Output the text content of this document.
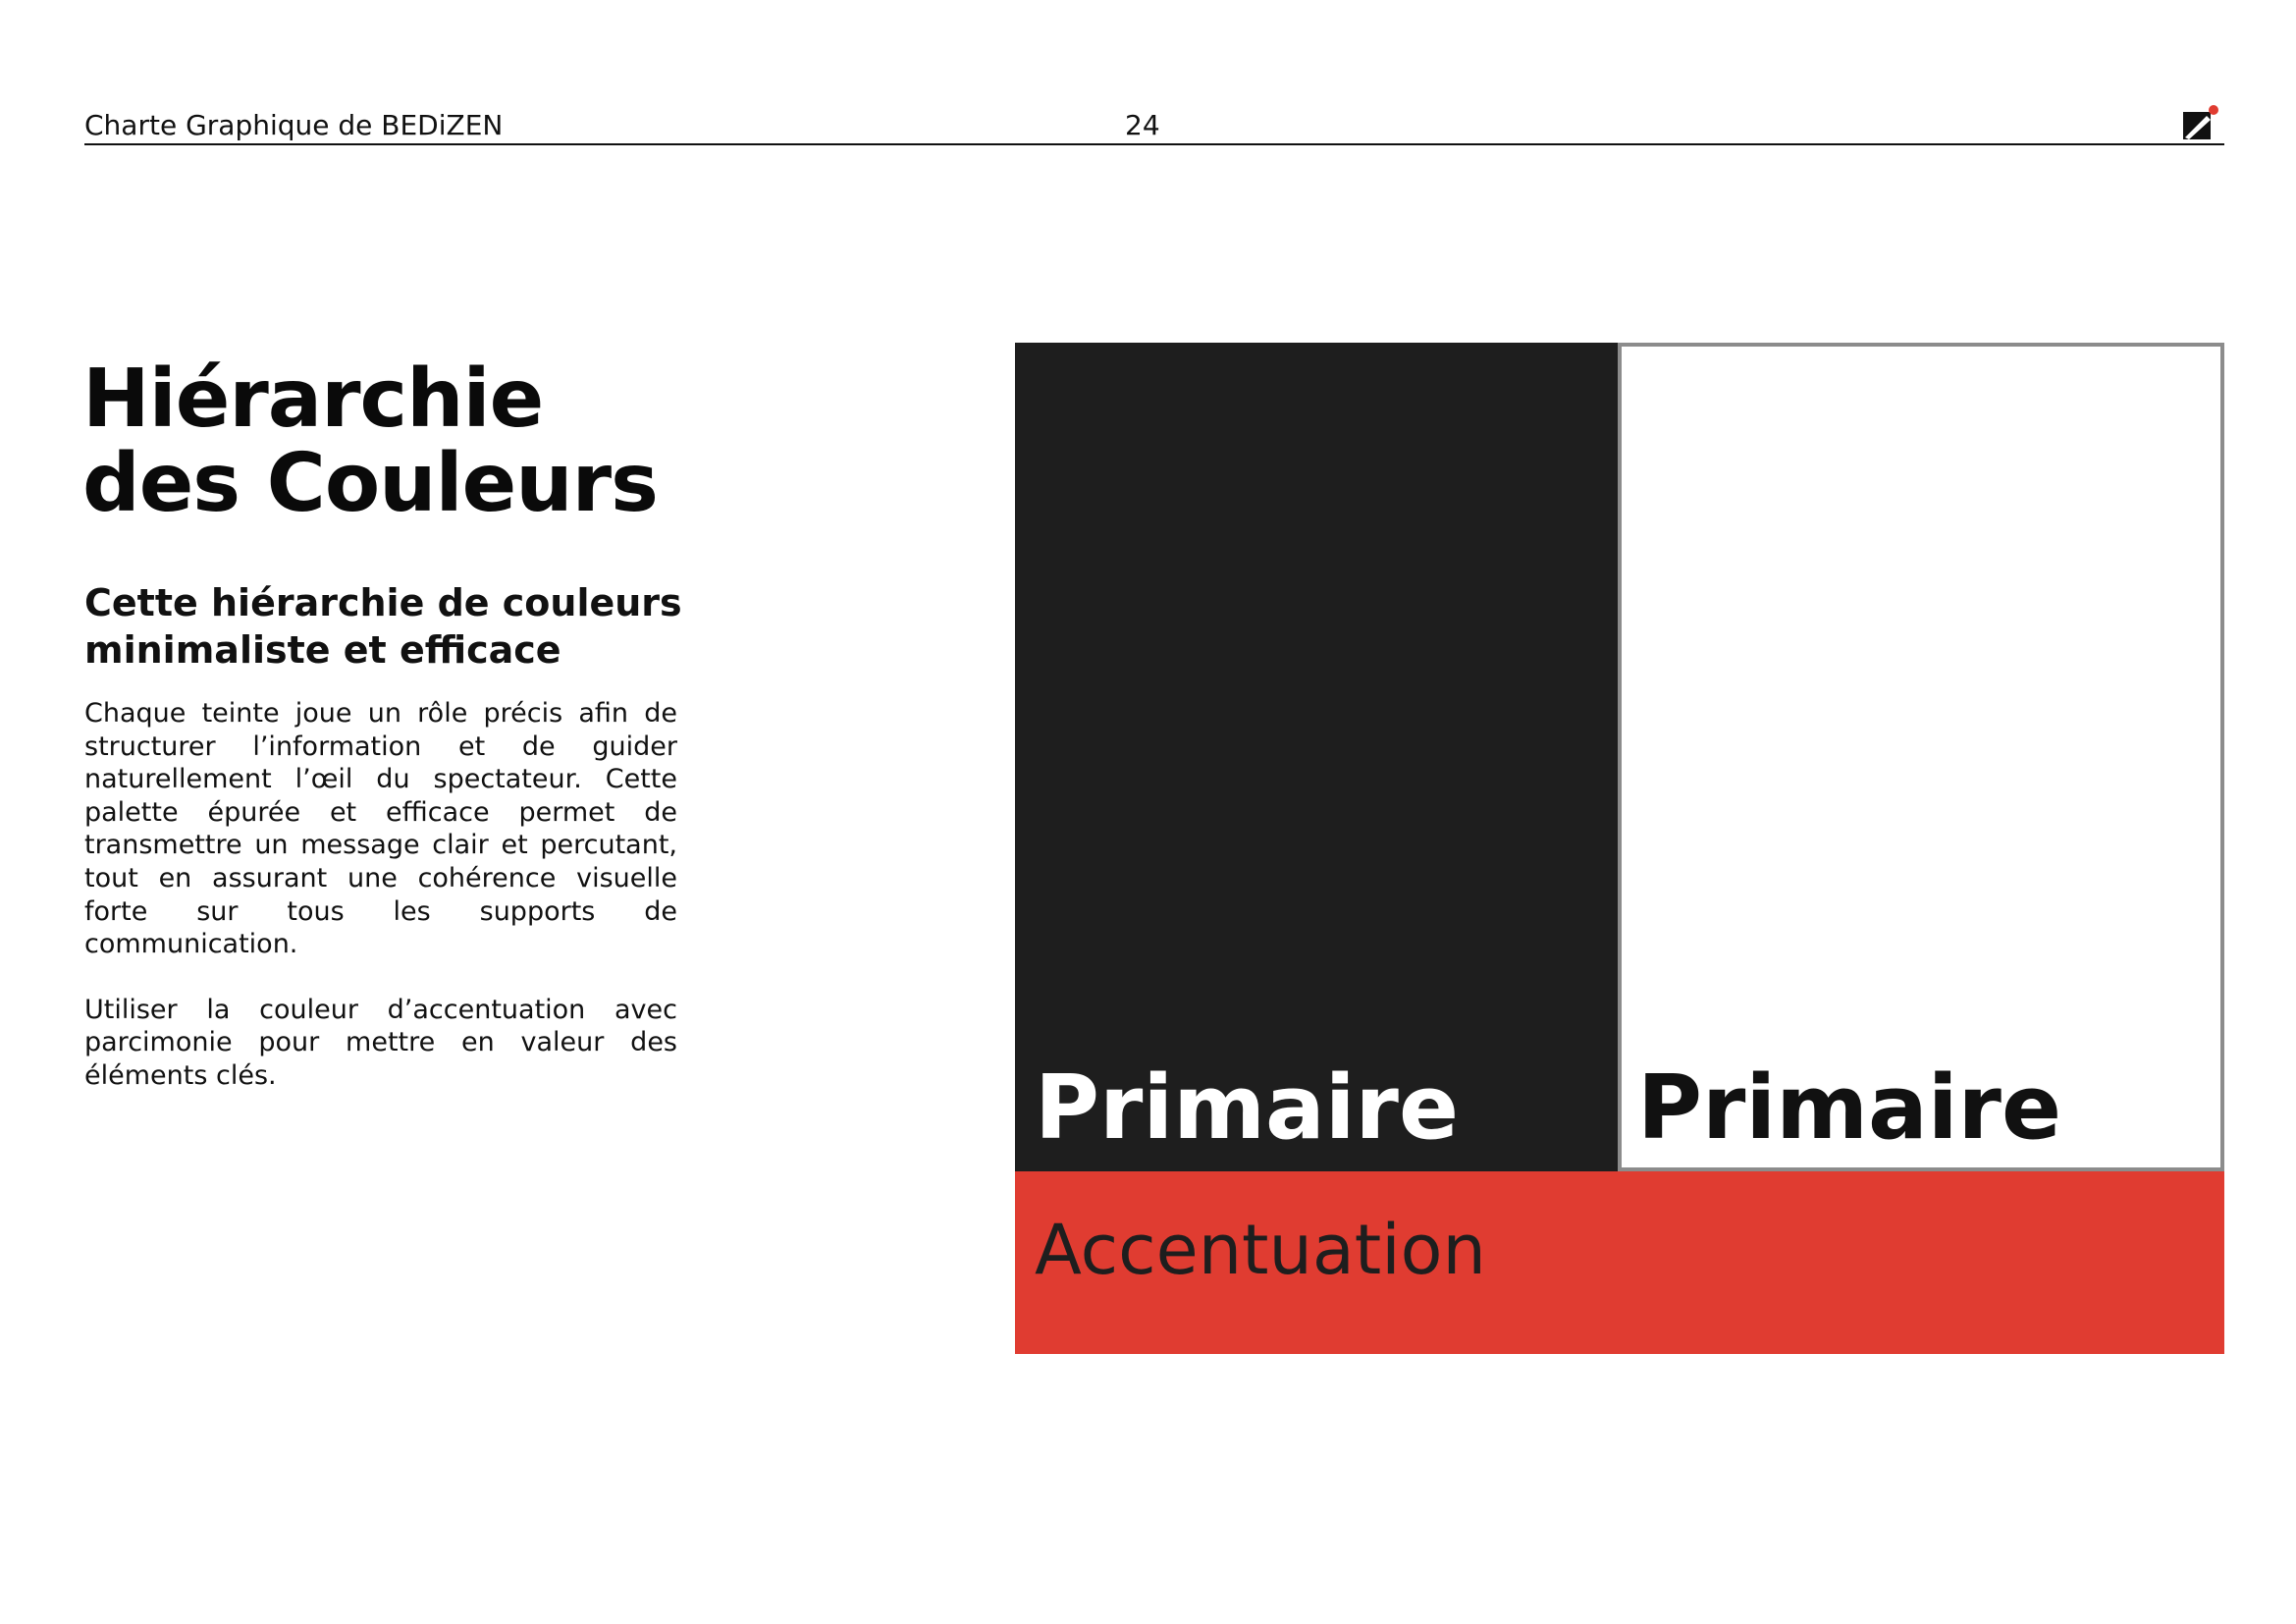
Charte Graphique de BEDiZEN	24
Hiérarchie
des Couleurs
Cette hiérarchie de couleurs
minimaliste et efficace

Chaque teinte joue un rôle précis afin de structurer l’information et de guider naturellement l’œil du spectateur. Cette palette épurée et efficace permet de transmettre un message clair et percutant, tout en assurant une cohérence visuelle forte sur tous les supports de communication.

Utiliser la couleur d’accentuation avec parcimonie pour mettre en valeur des éléments clés.	Primaire Primaire
Accentuation
